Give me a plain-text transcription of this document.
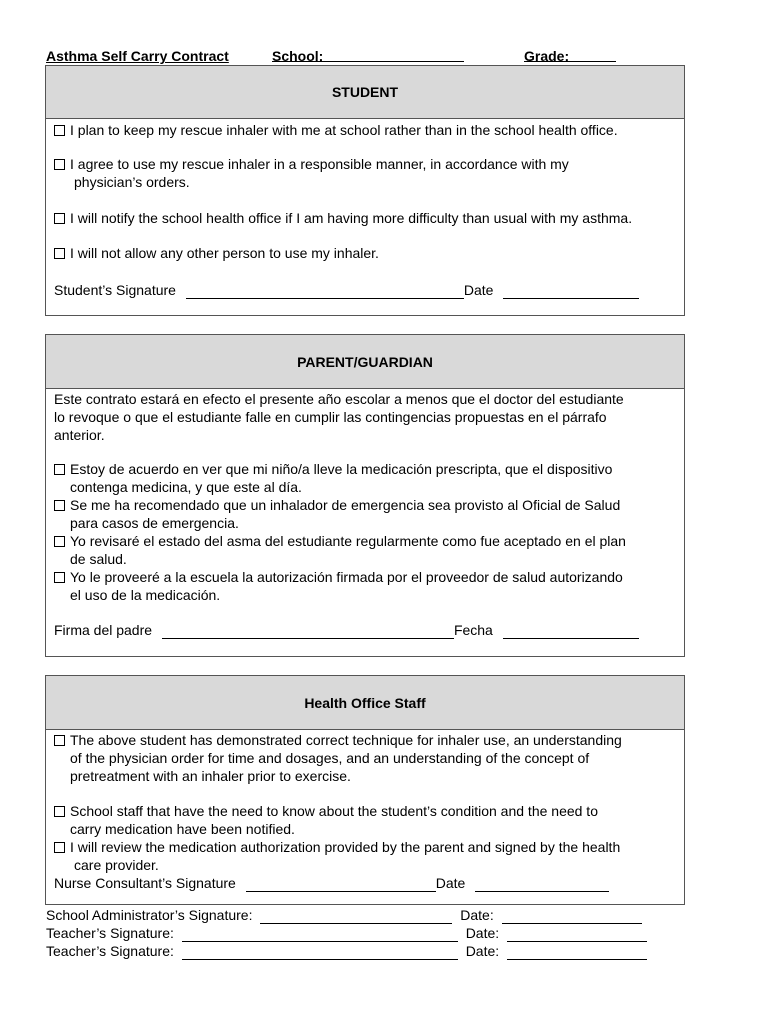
Asthma Self Carry Contract	School:	Grade:
STUDENT
I plan to keep my rescue inhaler with me at school rather than in the school health office.
I agree to use my rescue inhaler in a responsible manner, in accordance with my
physician’s orders.
I will notify the school health office if I am having more difficulty than usual with my asthma.
I will not allow any other person to use my inhaler.
Student’s Signature	Date
PARENT/GUARDIAN
Este contrato estará en efecto el presente año escolar a menos que el doctor del estudiante
lo revoque o que el estudiante falle en cumplir las contingencias propuestas en el párrafo
anterior.
Estoy de acuerdo en ver que mi niño/a lleve la medicación prescripta, que el dispositivo
contenga medicina, y que este al día.
Se me ha recomendado que un inhalador de emergencia sea provisto al Oficial de Salud
para casos de emergencia.
Yo revisaré el estado del asma del estudiante regularmente como fue aceptado en el plan
de salud.
Yo le proveeré a la escuela la autorización firmada por el proveedor de salud autorizando
el uso de la medicación.
Firma del padre	Fecha
Health Office Staff
The above student has demonstrated correct technique for inhaler use, an understanding
of the physician order for time and dosages, and an understanding of the concept of
pretreatment with an inhaler prior to exercise.
School staff that have the need to know about the student’s condition and the need to
carry medication have been notified.
I will review the medication authorization provided by the parent and signed by the health
care provider.
Nurse Consultant’s Signature	Date
School Administrator’s Signature:	Date:
Teacher’s Signature:	Date:
Teacher’s Signature:	Date:
